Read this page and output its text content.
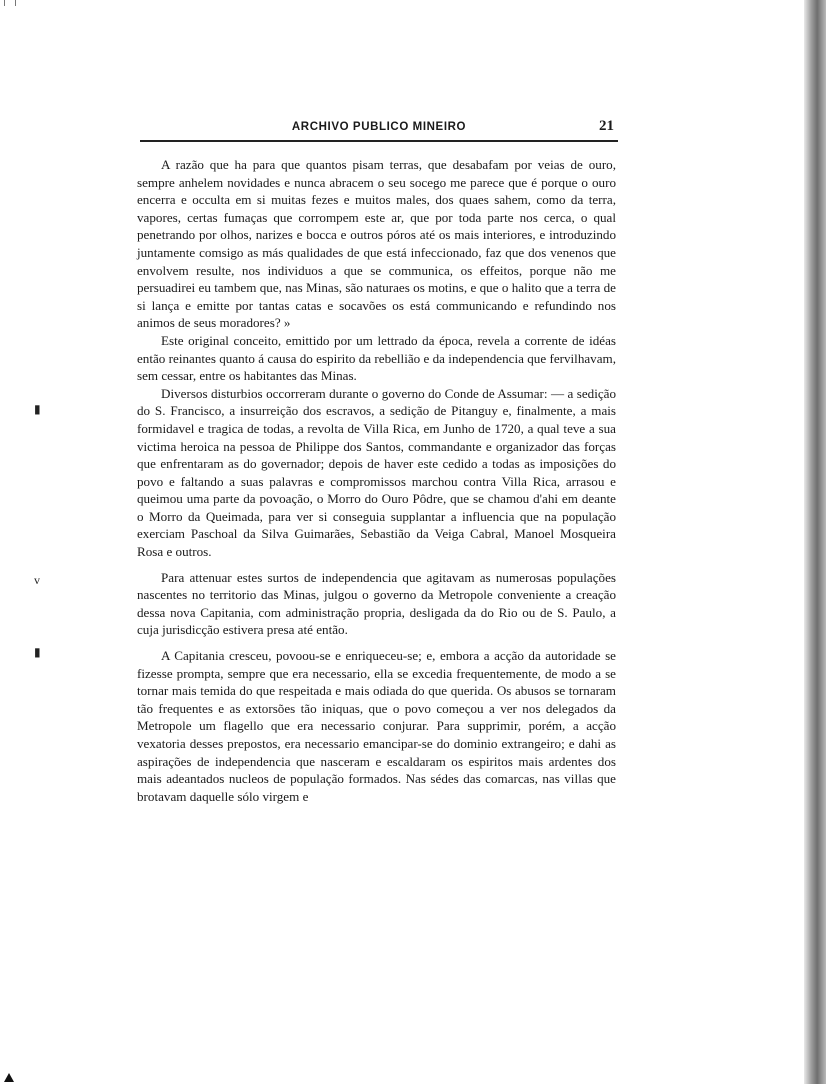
ARCHIVO PUBLICO MINEIRO	21

A razão que ha para que quantos pisam terras, que desabafam por veias de ouro, sempre anhelem novidades e nunca abracem o seu socego me parece que é porque o ouro encerra e occulta em si muitas fezes e muitos males, dos quaes sahem, como da terra, vapores, certas fumaças que corrompem este ar, que por toda parte nos cerca, o qual penetrando por olhos, narizes e bocca e outros póros até os mais interiores, e introduzindo juntamente comsigo as más qualidades de que está infeccionado, faz que dos venenos que envolvem resulte, nos individuos a que se communica, os effeitos, porque não me persuadirei eu tambem que, nas Minas, são naturaes os motins, e que o halito que a terra de si lança e emitte por tantas catas e socavões os está communicando e refundindo nos animos de seus moradores? »

Este original conceito, emittido por um lettrado da época, revela a corrente de idéas então reinantes quanto á causa do espirito da rebellião e da independencia que fervilhavam, sem cessar, entre os habitantes das Minas.

Diversos disturbios occorreram durante o governo do Conde de Assumar: — a sedição do S. Francisco, a insurreição dos escravos, a sedição de Pitanguy e, finalmente, a mais formidavel e tragica de todas, a revolta de Villa Rica, em Junho de 1720, a qual teve a sua victima heroica na pessoa de Philippe dos Santos, commandante e organizador das forças que enfrentaram as do governador; depois de haver este cedido a todas as imposições do povo e faltando a suas palavras e compromissos marchou contra Villa Rica, arrasou e queimou uma parte da povoação, o Morro do Ouro Pôdre, que se chamou d'ahi em deante o Morro da Queimada, para ver si conseguia supplantar a influencia que na população exerciam Paschoal da Silva Guimarães, Sebastião da Veiga Cabral, Manoel Mosqueira Rosa e outros.

Para attenuar estes surtos de independencia que agitavam as numerosas populações nascentes no territorio das Minas, julgou o governo da Metropole conveniente a creação dessa nova Capitania, com administração propria, desligada da do Rio ou de S. Paulo, a cuja jurisdicção estivera presa até então.

A Capitania cresceu, povoou-se e enriqueceu-se; e, embora a acção da autoridade se fizesse prompta, sempre que era necessario, ella se excedia frequentemente, de modo a se tornar mais temida do que respeitada e mais odiada do que querida. Os abusos se tornaram tão frequentes e as extorsões tão iniquas, que o povo começou a ver nos delegados da Metropole um flagello que era necessario conjurar. Para supprimir, porém, a acção vexatoria desses prepostos, era necessario emancipar-se do dominio extrangeiro; e dahi as aspirações de independencia que nasceram e escaldaram os espiritos mais ardentes dos mais adeantados nucleos de população formados. Nas sédes das comarcas, nas villas que brotavam daquelle sólo virgem e

▮
v
▮
